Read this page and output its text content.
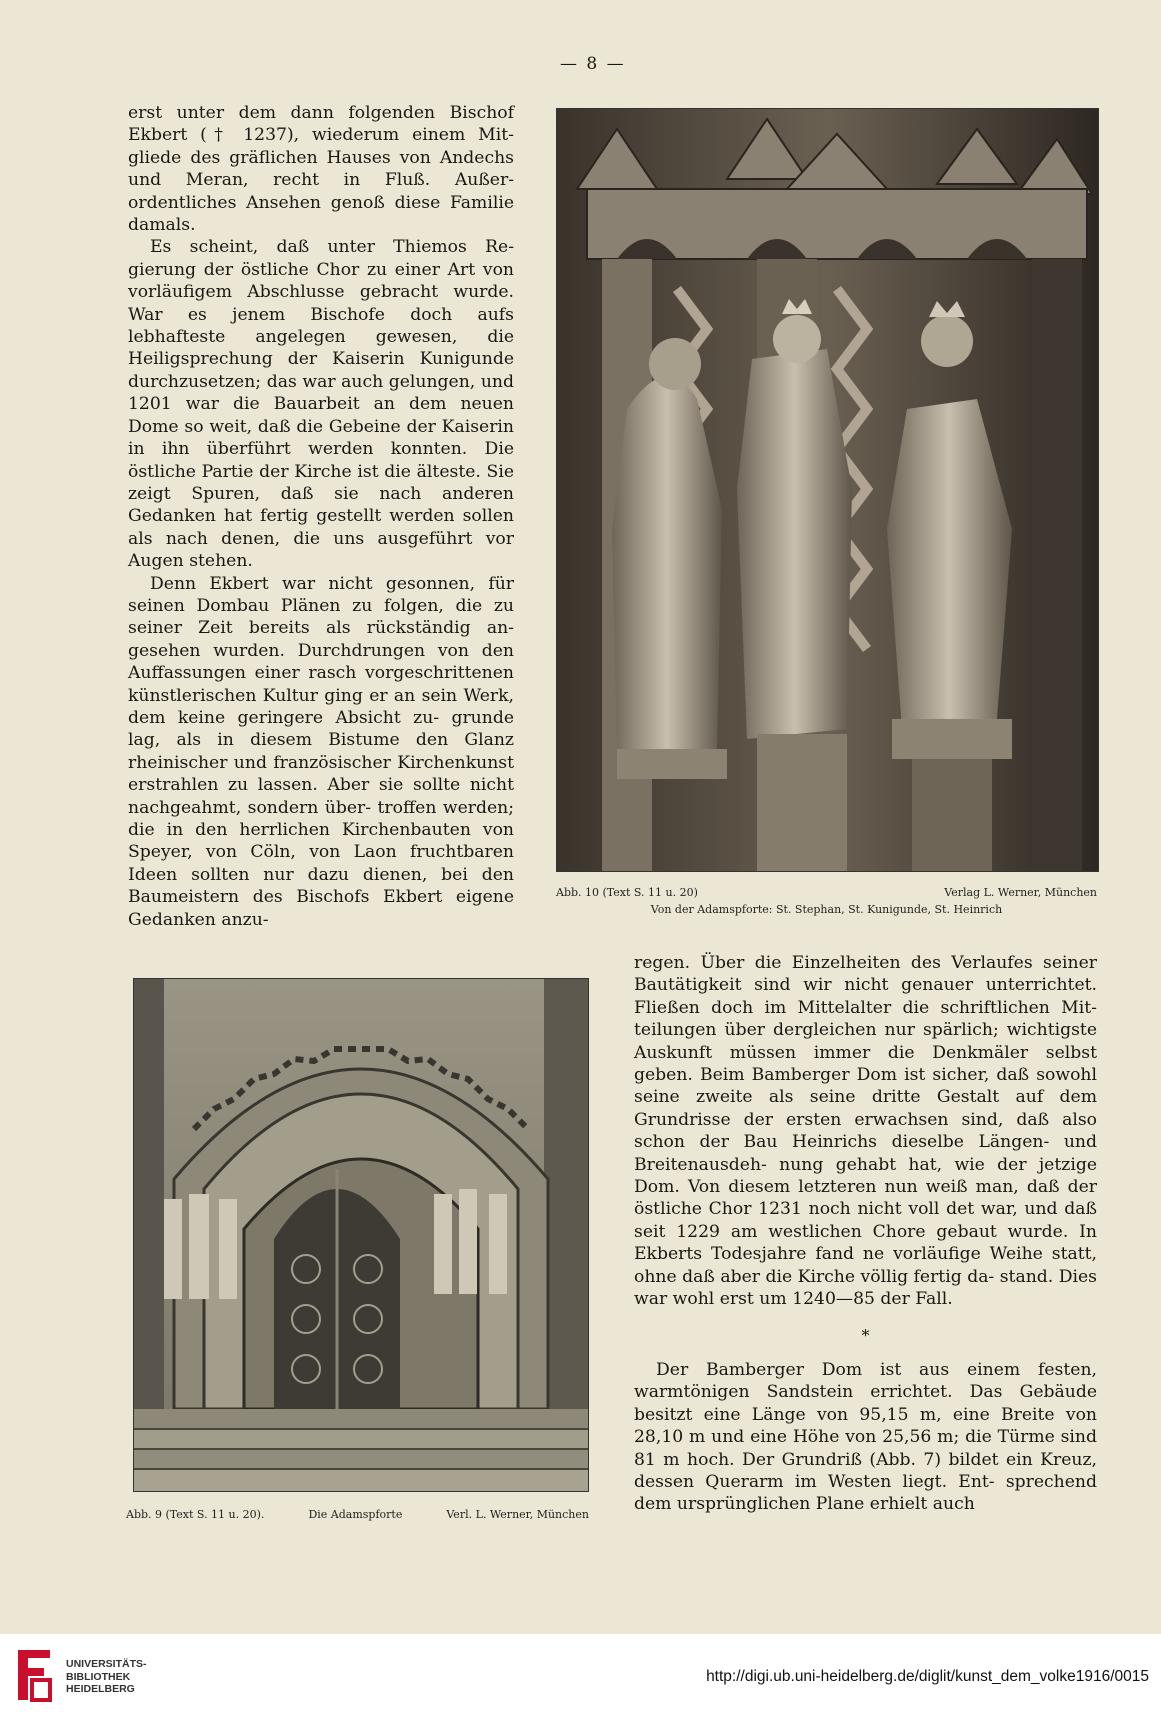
— 8 —
Abb. 10 (Text S. 11 u. 20)	Verlag L. Werner, München
Von der Adamspforte: St. Stephan, St. Kunigunde, St. Heinrich

erst unter dem dann folgenden Bischof Ekbert († 1237), wiederum einem Mit- gliede des gräflichen Hauses von Andechs und Meran, recht in Fluß. Außer- ordentliches Ansehen genoß diese Familie damals.

Es scheint, daß unter Thiemos Re- gierung der östliche Chor zu einer Art von vorläufigem Abschlusse gebracht wurde. War es jenem Bischofe doch aufs lebhafteste angelegen gewesen, die Heiligsprechung der Kaiserin Kunigunde durchzusetzen; das war auch gelungen, und 1201 war die Bauarbeit an dem neuen Dome so weit, daß die Gebeine der Kaiserin in ihn überführt werden konnten. Die östliche Partie der Kirche ist die älteste. Sie zeigt Spuren, daß sie nach anderen Gedanken hat fertig gestellt werden sollen als nach denen, die uns ausgeführt vor Augen stehen.

Denn Ekbert war nicht gesonnen, für seinen Dombau Plänen zu folgen, die zu seiner Zeit bereits als rückständig an- gesehen wurden. Durchdrungen von den Auffassungen einer rasch vorgeschrittenen künstlerischen Kultur ging er an sein Werk, dem keine geringere Absicht zu- grunde lag, als in diesem Bistume den Glanz rheinischer und französischer Kirchenkunst erstrahlen zu lassen. Aber sie sollte nicht nachgeahmt, sondern über- troffen werden; die in den herrlichen Kirchenbauten von Speyer, von Cöln, von Laon fruchtbaren Ideen sollten nur dazu dienen, bei den Baumeistern des Bischofs Ekbert eigene Gedanken anzu-

Abb. 9 (Text S. 11 u. 20).	Die Adamspforte	Verl. L. Werner, München

regen. Über die Einzelheiten des Verlaufes seiner Bautätigkeit sind wir nicht genauer unterrichtet. Fließen doch im Mittelalter die schriftlichen Mit- teilungen über dergleichen nur spärlich; wichtigste Auskunft müssen immer die Denkmäler selbst geben. Beim Bamberger Dom ist sicher, daß sowohl seine zweite als seine dritte Gestalt auf dem Grundrisse der ersten erwachsen sind, daß also schon der Bau Heinrichs dieselbe Längen- und Breitenausdeh- nung gehabt hat, wie der jetzige Dom. Von diesem letzteren nun weiß man, daß der östliche Chor 1231 noch nicht voll det war, und daß seit 1229 am westlichen Chore gebaut wurde. In Ekberts Todesjahre fand ne vorläufige Weihe statt, ohne daß aber die Kirche völlig fertig da- stand. Dies war wohl erst um 1240—85 der Fall.

*

Der Bamberger Dom ist aus einem festen, warmtönigen Sandstein errichtet. Das Gebäude besitzt eine Länge von 95,15 m, eine Breite von 28,10 m und eine Höhe von 25,56 m; die Türme sind 81 m hoch. Der Grundriß (Abb. 7) bildet ein Kreuz, dessen Querarm im Westen liegt. Ent- sprechend dem ursprünglichen Plane erhielt auch

UNIVERSITÄTS-
BIBLIOTHEK
HEIDELBERG
http://digi.ub.uni-heidelberg.de/diglit/kunst_dem_volke1916/0015
